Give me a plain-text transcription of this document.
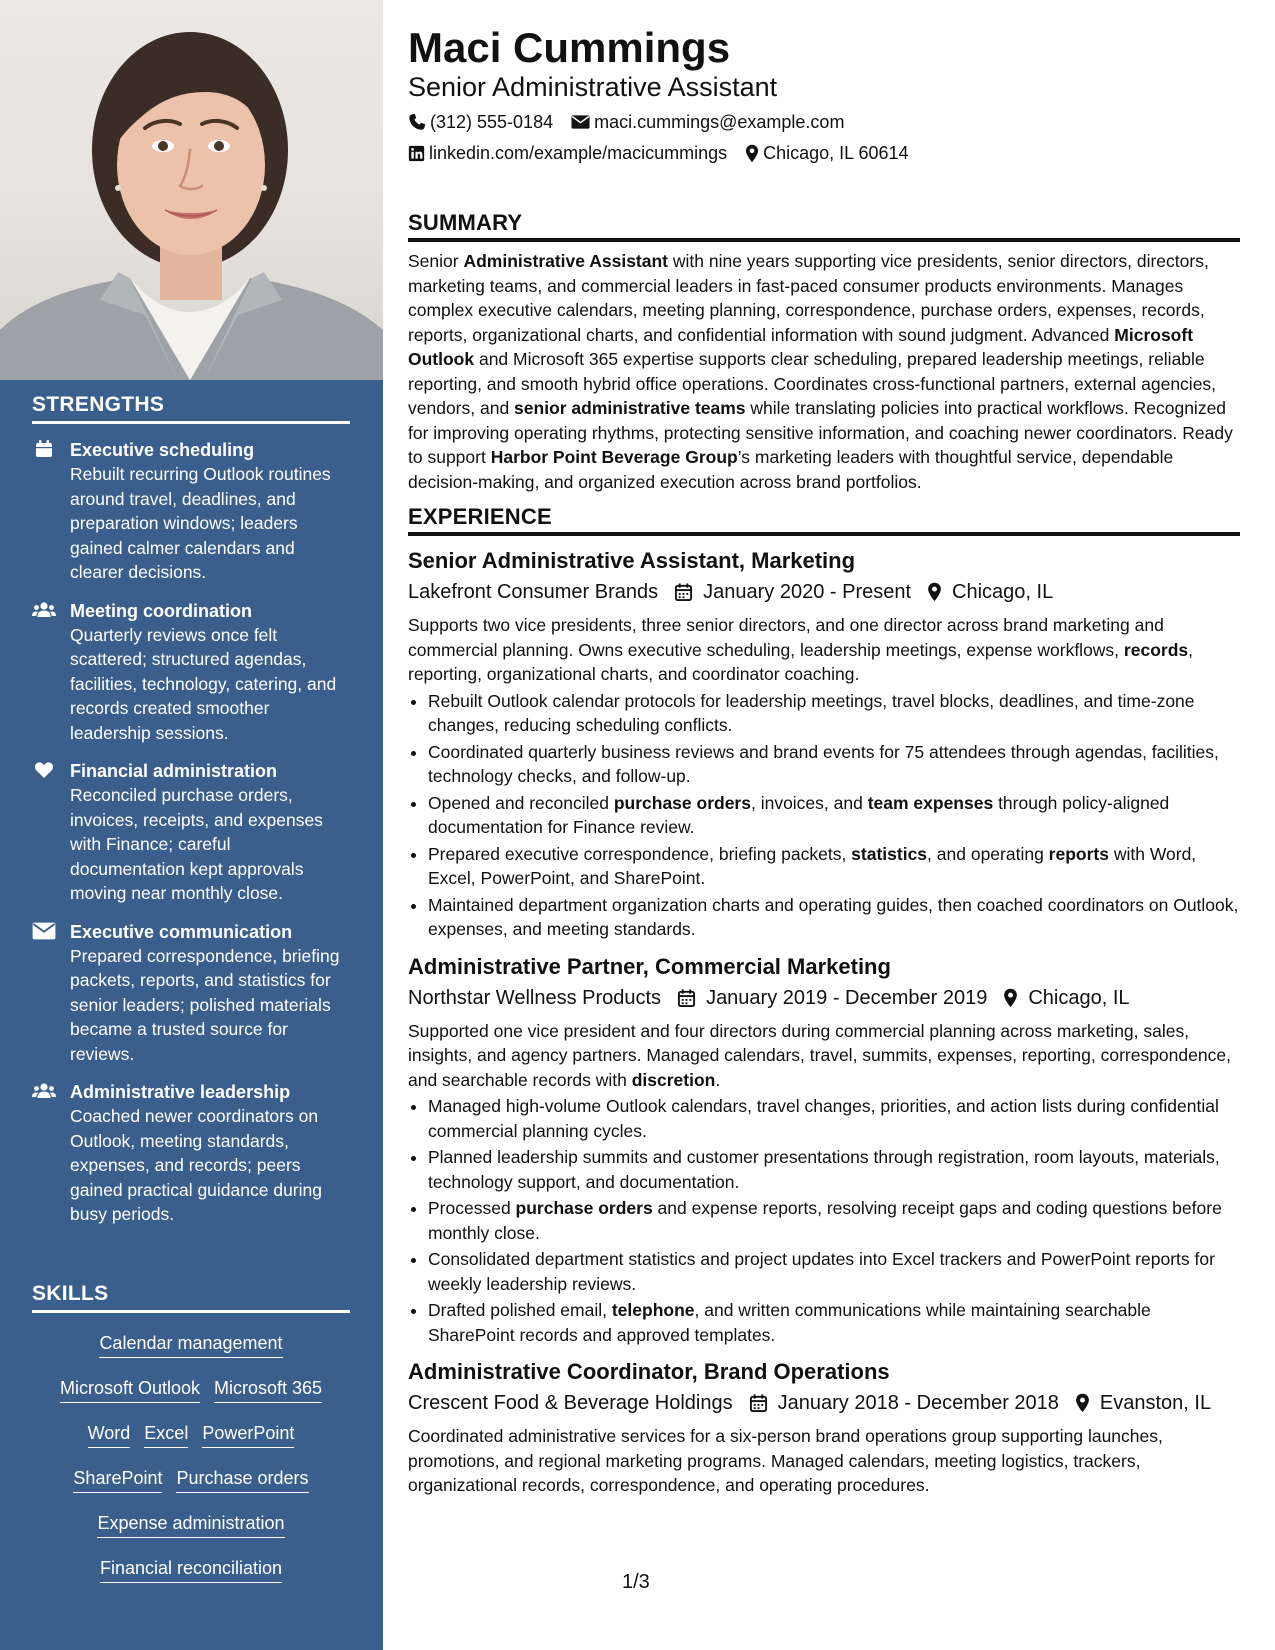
STRENGTHS
Executive scheduling
Rebuilt recurring Outlook routines around travel, deadlines, and preparation windows; leaders gained calmer calendars and clearer decisions.
Meeting coordination
Quarterly reviews once felt scattered; structured agendas, facilities, technology, catering, and records created smoother leadership sessions.
Financial administration
Reconciled purchase orders, invoices, receipts, and expenses with Finance; careful documentation kept approvals moving near monthly close.
Executive communication
Prepared correspondence, briefing packets, reports, and statistics for senior leaders; polished materials became a trusted source for reviews.
Administrative leadership
Coached newer coordinators on Outlook, meeting standards, expenses, and records; peers gained practical guidance during busy periods.
SKILLS
Calendar management
Microsoft Outlook Microsoft 365
Word Excel PowerPoint
SharePoint Purchase orders
Expense administration
Financial reconciliation
Maci Cummings
Senior Administrative Assistant
(312) 555-0184 maci.cummings@example.com
linkedin.com/example/macicummings Chicago, IL 60614
SUMMARY
Senior Administrative Assistant with nine years supporting vice presidents, senior directors, directors, marketing teams, and commercial leaders in fast-paced consumer products environments. Manages complex executive calendars, meeting planning, correspondence, purchase orders, expenses, records, reports, organizational charts, and confidential information with sound judgment. Advanced Microsoft Outlook and Microsoft 365 expertise supports clear scheduling, prepared leadership meetings, reliable reporting, and smooth hybrid office operations. Coordinates cross-functional partners, external agencies, vendors, and senior administrative teams while translating policies into practical workflows. Recognized for improving operating rhythms, protecting sensitive information, and coaching newer coordinators. Ready to support Harbor Point Beverage Group’s marketing leaders with thoughtful service, dependable decision-making, and organized execution across brand portfolios.
EXPERIENCE
Senior Administrative Assistant, Marketing
Lakefront Consumer Brands January 2020 - Present Chicago, IL
Supports two vice presidents, three senior directors, and one director across brand marketing and commercial planning. Owns executive scheduling, leadership meetings, expense workflows, records, reporting, organizational charts, and coordinator coaching.
• Rebuilt Outlook calendar protocols for leadership meetings, travel blocks, deadlines, and time-zone changes, reducing scheduling conflicts.
• Coordinated quarterly business reviews and brand events for 75 attendees through agendas, facilities, technology checks, and follow-up.
• Opened and reconciled purchase orders, invoices, and team expenses through policy-aligned documentation for Finance review.
• Prepared executive correspondence, briefing packets, statistics, and operating reports with Word, Excel, PowerPoint, and SharePoint.
• Maintained department organization charts and operating guides, then coached coordinators on Outlook, expenses, and meeting standards.
Administrative Partner, Commercial Marketing
Northstar Wellness Products January 2019 - December 2019 Chicago, IL
Supported one vice president and four directors during commercial planning across marketing, sales, insights, and agency partners. Managed calendars, travel, summits, expenses, reporting, correspondence, and searchable records with discretion.
• Managed high-volume Outlook calendars, travel changes, priorities, and action lists during confidential commercial planning cycles.
• Planned leadership summits and customer presentations through registration, room layouts, materials, technology support, and documentation.
• Processed purchase orders and expense reports, resolving receipt gaps and coding questions before monthly close.
• Consolidated department statistics and project updates into Excel trackers and PowerPoint reports for weekly leadership reviews.
• Drafted polished email, telephone, and written communications while maintaining searchable SharePoint records and approved templates.
Administrative Coordinator, Brand Operations
Crescent Food & Beverage Holdings January 2018 - December 2018 Evanston, IL
Coordinated administrative services for a six-person brand operations group supporting launches, promotions, and regional marketing programs. Managed calendars, meeting logistics, trackers, organizational records, correspondence, and operating procedures.
1/3
